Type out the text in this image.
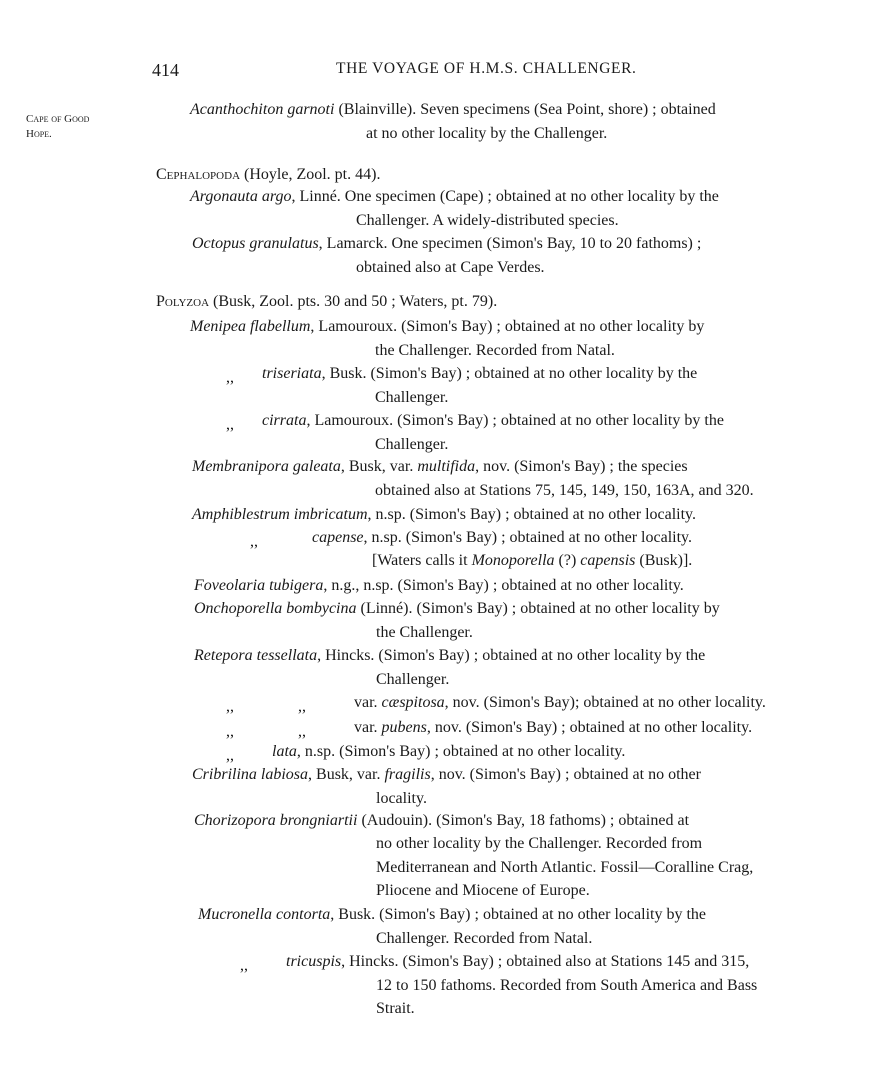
414	THE VOYAGE OF H.M.S. CHALLENGER.
Cape of Good
Hope.
Acanthochiton garnoti (Blainville). Seven specimens (Sea Point, shore) ; obtained
at no other locality by the Challenger.
Cephalopoda (Hoyle, Zool. pt. 44).
Argonauta argo, Linné. One specimen (Cape) ; obtained at no other locality by the
Challenger. A widely-distributed species.
Octopus granulatus, Lamarck. One specimen (Simon's Bay, 10 to 20 fathoms) ;
obtained also at Cape Verdes.
Polyzoa (Busk, Zool. pts. 30 and 50 ; Waters, pt. 79).
Menipea flabellum, Lamouroux. (Simon's Bay) ; obtained at no other locality by
the Challenger. Recorded from Natal.
,, triseriata, Busk. (Simon's Bay) ; obtained at no other locality by the
Challenger.
,, cirrata, Lamouroux. (Simon's Bay) ; obtained at no other locality by the
Challenger.
Membranipora galeata, Busk, var. multifida, nov. (Simon's Bay) ; the species
obtained also at Stations 75, 145, 149, 150, 163A, and 320.
Amphiblestrum imbricatum, n.sp. (Simon's Bay) ; obtained at no other locality.
,,	capense, n.sp. (Simon's Bay) ; obtained at no other locality.
[Waters calls it Monoporella (?) capensis (Busk)].
Foveolaria tubigera, n.g., n.sp. (Simon's Bay) ; obtained at no other locality.
Onchoporella bombycina (Linné). (Simon's Bay) ; obtained at no other locality by
the Challenger.
Retepora tessellata, Hincks. (Simon's Bay) ; obtained at no other locality by the
Challenger.
,,	,,	var. cæspitosa, nov. (Simon's Bay); obtained at no other locality.
,,	,,	var. pubens, nov. (Simon's Bay) ; obtained at no other locality.
,, lata, n.sp. (Simon's Bay) ; obtained at no other locality.
Cribrilina labiosa, Busk, var. fragilis, nov. (Simon's Bay) ; obtained at no other
locality.
Chorizopora brongniartii (Audouin). (Simon's Bay, 18 fathoms) ; obtained at
no other locality by the Challenger. Recorded from
Mediterranean and North Atlantic. Fossil—Coralline Crag,
Pliocene and Miocene of Europe.
Mucronella contorta, Busk. (Simon's Bay) ; obtained at no other locality by the
Challenger. Recorded from Natal.
,, tricuspis, Hincks. (Simon's Bay) ; obtained also at Stations 145 and 315,
12 to 150 fathoms. Recorded from South America and Bass
Strait.
